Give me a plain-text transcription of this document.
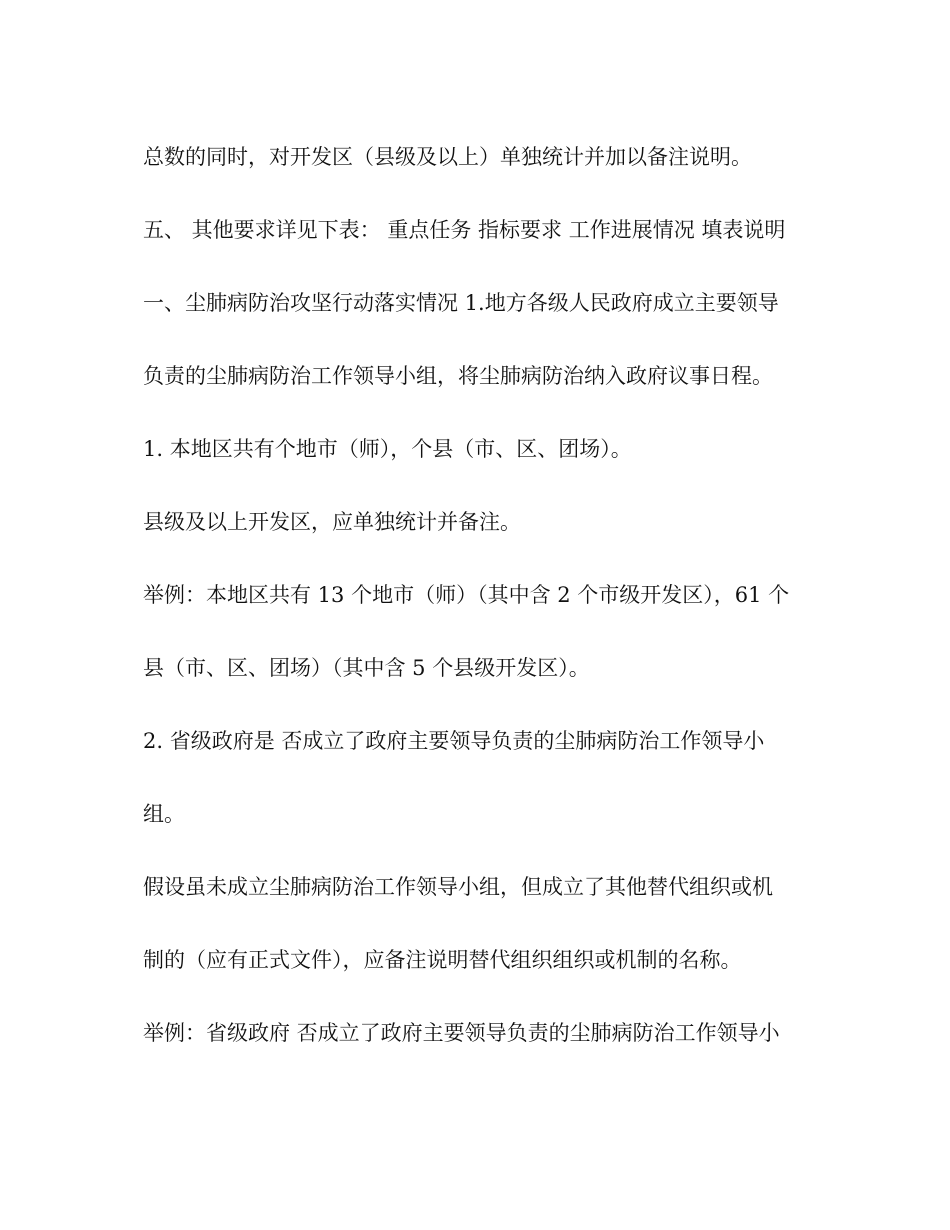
总数的同时，对开发区（县级及以上）单独统计并加以备注说明。
五、 其他要求详见下表： 重点任务 指标要求 工作进展情况 填表说明
一、尘肺病防治攻坚行动落实情况 1.地方各级人民政府成立主要领导
负责的尘肺病防治工作领导小组，将尘肺病防治纳入政府议事日程。
1. 本地区共有个地市（师），个县（市、区、团场）。
县级及以上开发区，应单独统计并备注。
举例：本地区共有 13 个地市（师）（其中含 2 个市级开发区），61 个
县（市、区、团场）（其中含 5 个县级开发区）。
2. 省级政府是 否成立了政府主要领导负责的尘肺病防治工作领导小
组。
假设虽未成立尘肺病防治工作领导小组，但成立了其他替代组织或机
制的（应有正式文件），应备注说明替代组织组织或机制的名称。
举例：省级政府 否成立了政府主要领导负责的尘肺病防治工作领导小
